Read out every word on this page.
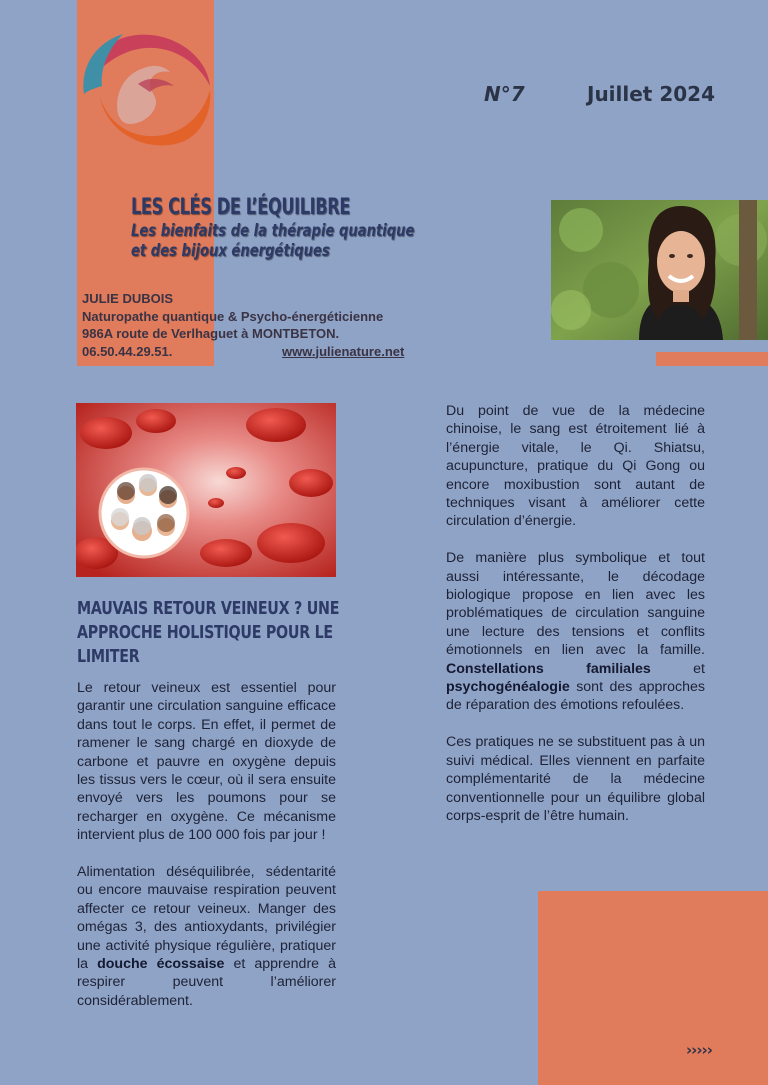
N°7	Juillet 2024
LES CLÉS DE L’ÉQUILIBRE
Les bienfaits de la thérapie quantique
et des bijoux énergétiques
JULIE DUBOIS
Naturopathe quantique & Psycho-énergéticienne
986A route de Verlhaguet à MONTBETON.
06.50.44.29.51.	www.julienature.net
MAUVAIS RETOUR VEINEUX ? UNE
APPROCHE HOLISTIQUE POUR LE
LIMITER

Le retour veineux est essentiel pour garantir une circulation sanguine efficace dans tout le corps. En effet, il permet de ramener le sang chargé en dioxyde de carbone et pauvre en oxygène depuis les tissus vers le cœur, où il sera ensuite envoyé vers les poumons pour se recharger en oxygène. Ce mécanisme intervient plus de 100 000 fois par jour !

Alimentation déséquilibrée, sédentarité ou encore mauvaise respiration peuvent affecter ce retour veineux. Manger des omégas 3, des antioxydants, privilégier une activité physique régulière, pratiquer la douche écossaise et apprendre à respirer peuvent l’améliorer considérablement.

Du point de vue de la médecine chinoise, le sang est étroitement lié à l’énergie vitale, le Qi. Shiatsu, acupuncture, pratique du Qi Gong ou encore moxibustion sont autant de techniques visant à améliorer cette circulation d’énergie.

De manière plus symbolique et tout aussi intéressante, le décodage biologique propose en lien avec les problématiques de circulation sanguine une lecture des tensions et conflits émotionnels en lien avec la famille. Constellations familiales et psychogénéalogie sont des approches de réparation des émotions refoulées.

Ces pratiques ne se substituent pas à un suivi médical. Elles viennent en parfaite complémentarité de la médecine conventionnelle pour un équilibre global corps-esprit de l’être humain.

›››››
